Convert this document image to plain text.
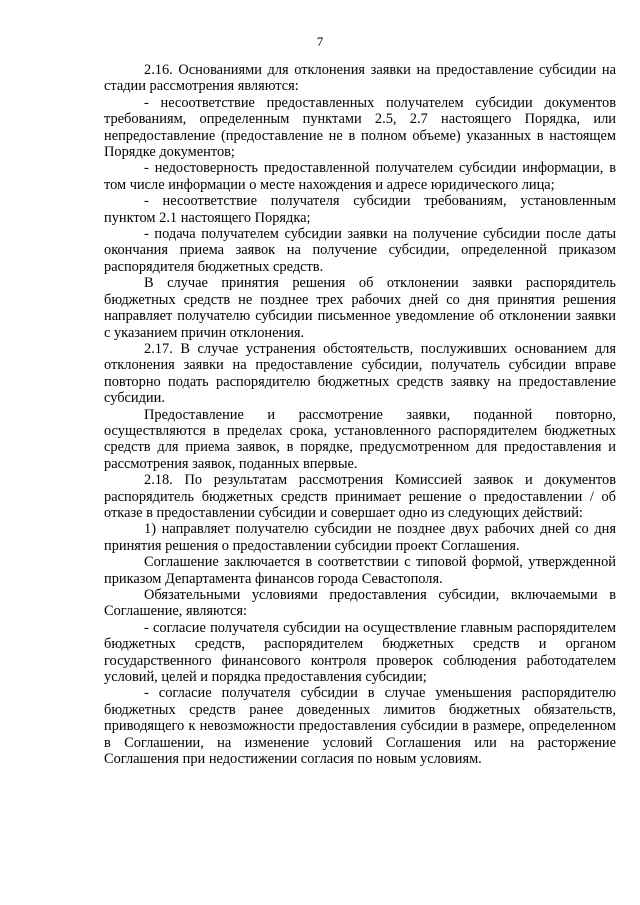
7

2.16. Основаниями для отклонения заявки на предоставление субсидии на стадии рассмотрения являются:

- несоответствие предоставленных получателем субсидии документов требованиям, определенным пунктами 2.5, 2.7 настоящего Порядка, или непредоставление (предоставление не в полном объеме) указанных в настоящем Порядке документов;

- недостоверность предоставленной получателем субсидии информации, в том числе информации о месте нахождения и адресе юридического лица;

- несоответствие получателя субсидии требованиям, установленным пунктом 2.1 настоящего Порядка;

- подача получателем субсидии заявки на получение субсидии после даты окончания приема заявок на получение субсидии, определенной приказом распорядителя бюджетных средств.

В случае принятия решения об отклонении заявки распорядитель бюджетных средств не позднее трех рабочих дней со дня принятия решения направляет получателю субсидии письменное уведомление об отклонении заявки с указанием причин отклонения.

2.17. В случае устранения обстоятельств, послуживших основанием для отклонения заявки на предоставление субсидии, получатель субсидии вправе повторно подать распорядителю бюджетных средств заявку на предоставление субсидии.

Предоставление и рассмотрение заявки, поданной повторно, осуществляются в пределах срока, установленного распорядителем бюджетных средств для приема заявок, в порядке, предусмотренном для предоставления и рассмотрения заявок, поданных впервые.

2.18. По результатам рассмотрения Комиссией заявок и документов распорядитель бюджетных средств принимает решение о предоставлении / об отказе в предоставлении субсидии и совершает одно из следующих действий:

1) направляет получателю субсидии не позднее двух рабочих дней со дня принятия решения о предоставлении субсидии проект Соглашения.

Соглашение заключается в соответствии с типовой формой, утвержденной приказом Департамента финансов города Севастополя.

Обязательными условиями предоставления субсидии, включаемыми в Соглашение, являются:

- согласие получателя субсидии на осуществление главным распорядителем бюджетных средств, распорядителем бюджетных средств и органом государственного финансового контроля проверок соблюдения работодателем условий, целей и порядка предоставления субсидии;

- согласие получателя субсидии в случае уменьшения распорядителю бюджетных средств ранее доведенных лимитов бюджетных обязательств, приводящего к невозможности предоставления субсидии в размере, определенном в Соглашении, на изменение условий Соглашения или на расторжение Соглашения при недостижении согласия по новым условиям.
